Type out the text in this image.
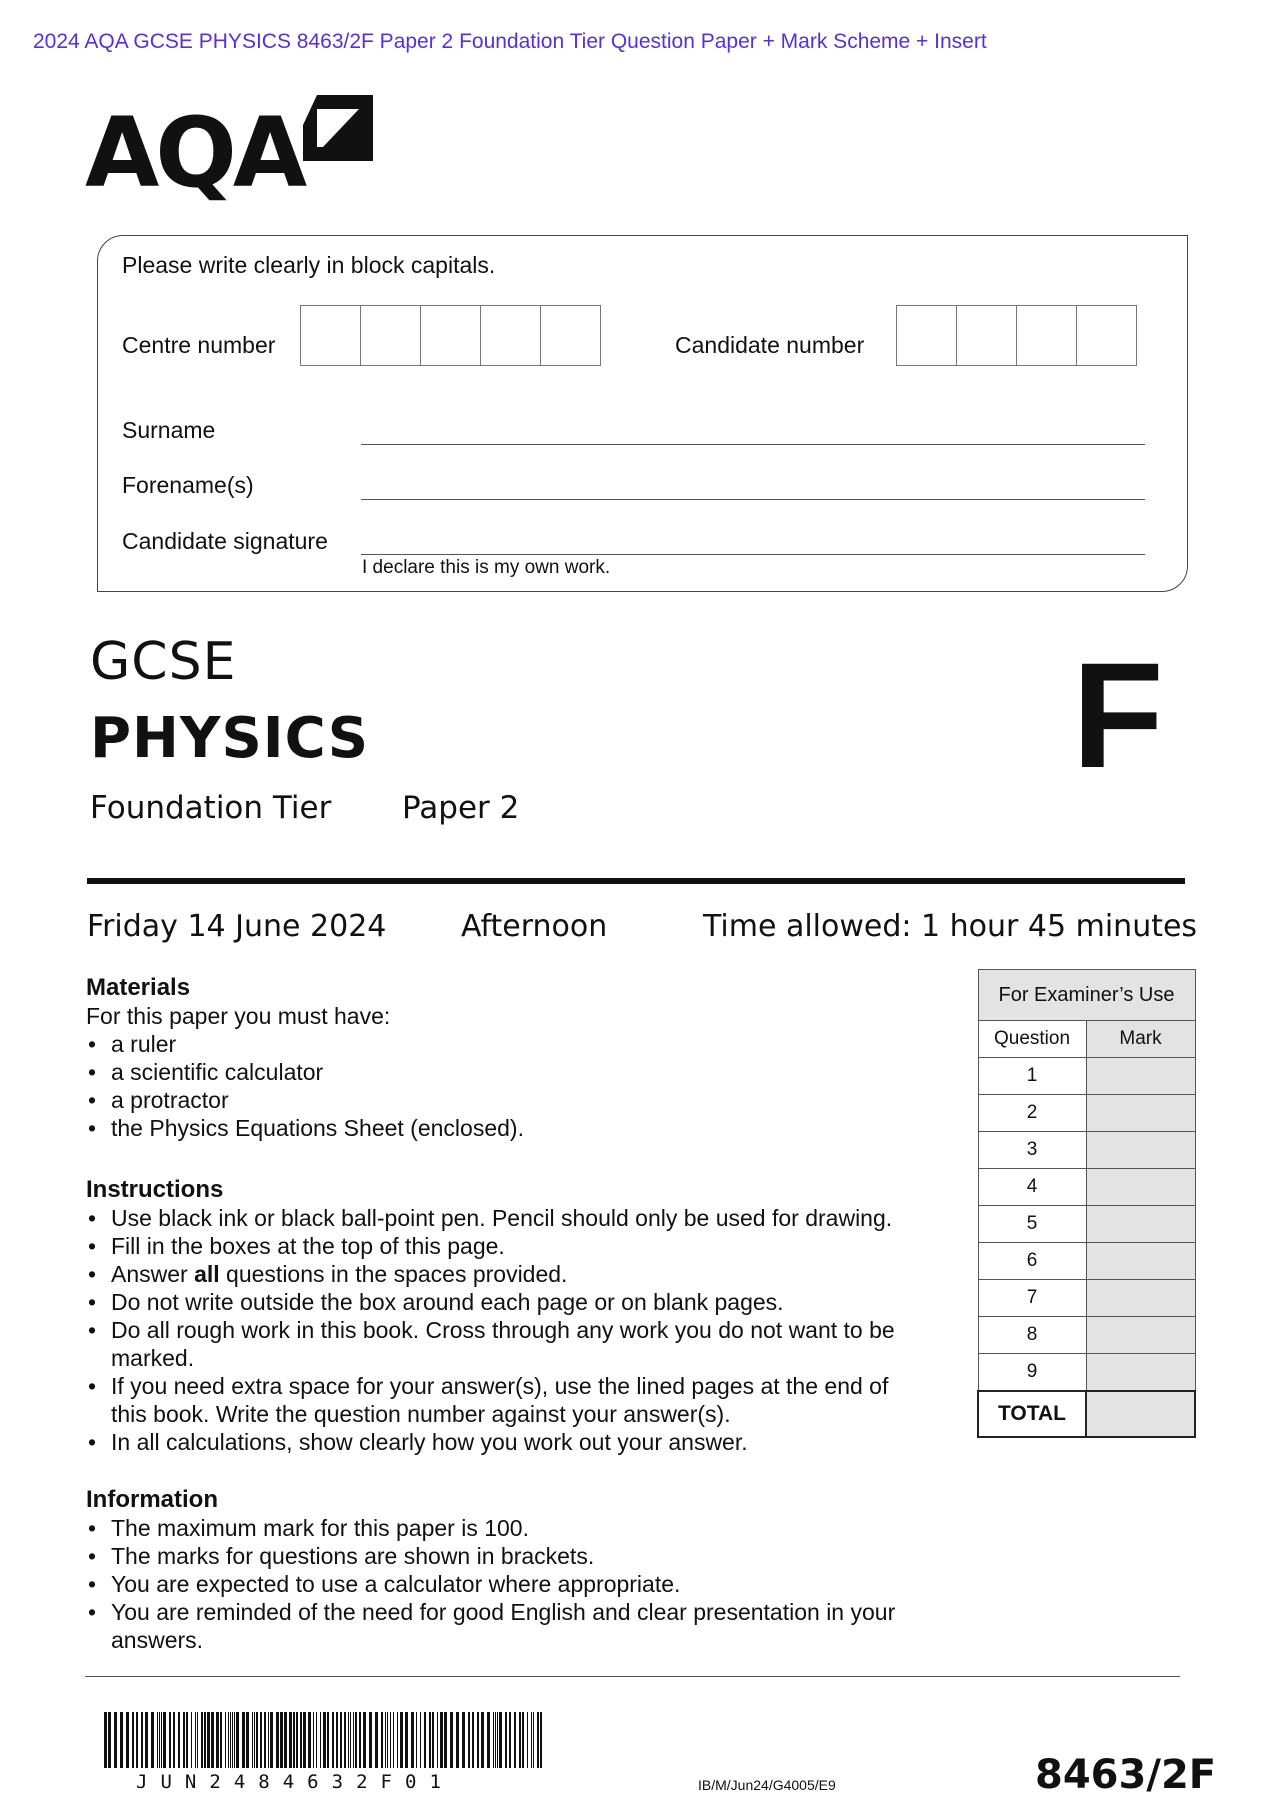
2024 AQA GCSE PHYSICS 8463/2F Paper 2 Foundation Tier Question Paper + Mark Scheme + Insert
AQA
Please write clearly in block capitals.
Centre number	Candidate number
Surname
Forename(s)
Candidate signature
I declare this is my own work.
GCSE
PHYSICS
Foundation Tier Paper 2
F
Friday 14 June 2024 Afternoon	Time allowed: 1 hour 45 minutes
Materials
For this paper you must have:
• a ruler
• a scientific calculator
• a protractor
• the Physics Equations Sheet (enclosed).
Instructions
• Use black ink or black ball-point pen. Pencil should only be used for drawing.
• Fill in the boxes at the top of this page.
• Answer all questions in the spaces provided.
• Do not write outside the box around each page or on blank pages.
• Do all rough work in this book. Cross through any work you do not want to be marked.
• If you need extra space for your answer(s), use the lined pages at the end of this book. Write the question number against your answer(s).
• In all calculations, show clearly how you work out your answer.
Information
• The maximum mark for this paper is 100.
• The marks for questions are shown in brackets.
• You are expected to use a calculator where appropriate.
• You are reminded of the need for good English and clear presentation in your answers.
For Examiner’s Use	
Question	Mark
1	
2	
3	
4	
5	
6	
7	
8	
9	
TOTAL	
JUN2484632F01	IB/M/Jun24/G4005/E9	8463/2F
